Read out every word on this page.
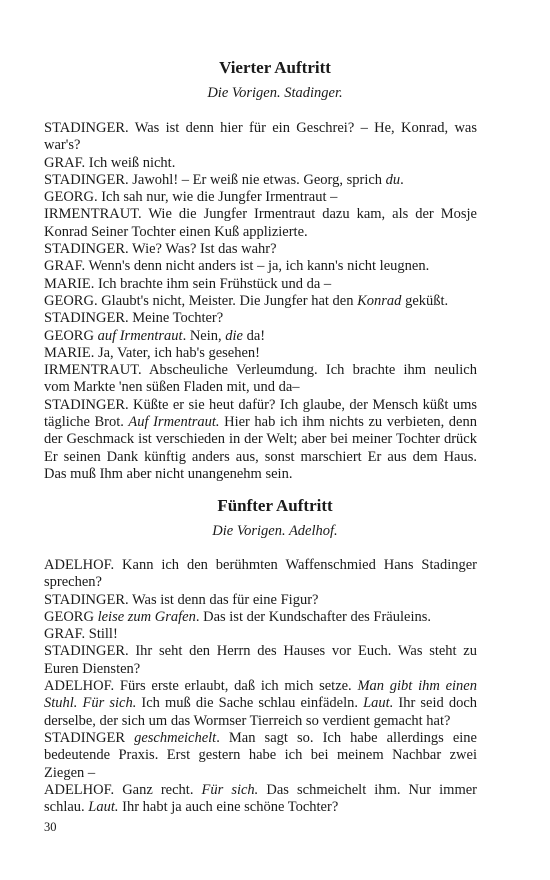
Vierter Auftritt
Die Vorigen. Stadinger.

STADINGER. Was ist denn hier für ein Geschrei? – He, Konrad, was war's?

GRAF. Ich weiß nicht.

STADINGER. Jawohl! – Er weiß nie etwas. Georg, sprich du.

GEORG. Ich sah nur, wie die Jungfer Irmentraut –

IRMENTRAUT. Wie die Jungfer Irmentraut dazu kam, als der Mosje Konrad Seiner Tochter einen Kuß applizierte.

STADINGER. Wie? Was? Ist das wahr?

GRAF. Wenn's denn nicht anders ist – ja, ich kann's nicht leugnen.

MARIE. Ich brachte ihm sein Frühstück und da –

GEORG. Glaubt's nicht, Meister. Die Jungfer hat den Konrad geküßt.

STADINGER. Meine Tochter?

GEORG auf Irmentraut. Nein, die da!

MARIE. Ja, Vater, ich hab's gesehen!

IRMENTRAUT. Abscheuliche Verleumdung. Ich brachte ihm neulich vom Markte 'nen süßen Fladen mit, und da–

STADINGER. Küßte er sie heut dafür? Ich glaube, der Mensch küßt ums tägliche Brot. Auf Irmentraut. Hier hab ich ihm nichts zu verbieten, denn der Geschmack ist verschieden in der Welt; aber bei meiner Tochter drück Er seinen Dank künftig anders aus, sonst marschiert Er aus dem Haus. Das muß Ihm aber nicht unangenehm sein.

Fünfter Auftritt
Die Vorigen. Adelhof.

ADELHOF. Kann ich den berühmten Waffenschmied Hans Stadinger sprechen?

STADINGER. Was ist denn das für eine Figur?

GEORG leise zum Grafen. Das ist der Kundschafter des Fräuleins.

GRAF. Still!

STADINGER. Ihr seht den Herrn des Hauses vor Euch. Was steht zu Euren Diensten?

ADELHOF. Fürs erste erlaubt, daß ich mich setze. Man gibt ihm einen Stuhl. Für sich. Ich muß die Sache schlau einfädeln. Laut. Ihr seid doch derselbe, der sich um das Wormser Tierreich so verdient gemacht hat?

STADINGER geschmeichelt. Man sagt so. Ich habe allerdings eine bedeutende Praxis. Erst gestern habe ich bei meinem Nachbar zwei Ziegen –

ADELHOF. Ganz recht. Für sich. Das schmeichelt ihm. Nur immer schlau. Laut. Ihr habt ja auch eine schöne Tochter?

30
